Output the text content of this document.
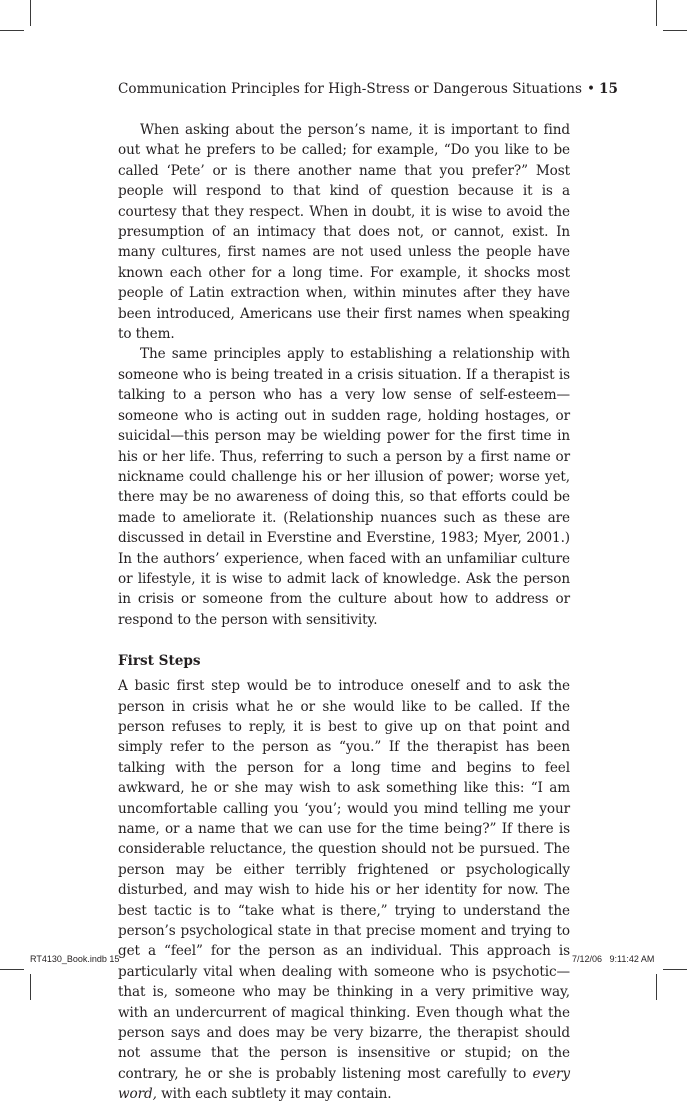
Communication Principles for High-Stress or Dangerous Situations • 15

When asking about the person’s name, it is important to find out what he prefers to be called; for example, “Do you like to be called ‘Pete’ or is there another name that you prefer?” Most people will respond to that kind of question because it is a courtesy that they respect. When in doubt, it is wise to avoid the presumption of an intimacy that does not, or cannot, exist. In many cultures, first names are not used unless the people have known each other for a long time. For example, it shocks most people of Latin extraction when, within minutes after they have been introduced, Americans use their first names when speaking to them.

The same principles apply to establishing a relationship with someone who is being treated in a crisis situation. If a therapist is talking to a person who has a very low sense of self-esteem—someone who is acting out in sudden rage, holding hostages, or suicidal—this person may be wielding power for the first time in his or her life. Thus, referring to such a person by a first name or nickname could challenge his or her illusion of power; worse yet, there may be no awareness of doing this, so that efforts could be made to ameliorate it. (Relationship nuances such as these are discussed in detail in Everstine and Everstine, 1983; Myer, 2001.) In the authors’ experience, when faced with an unfamiliar culture or lifestyle, it is wise to admit lack of knowledge. Ask the person in crisis or someone from the culture about how to address or respond to the person with sensitivity.

First Steps

A basic first step would be to introduce oneself and to ask the person in crisis what he or she would like to be called. If the person refuses to reply, it is best to give up on that point and simply refer to the person as “you.” If the therapist has been talking with the person for a long time and begins to feel awkward, he or she may wish to ask something like this: “I am uncomfortable calling you ‘you’; would you mind telling me your name, or a name that we can use for the time being?” If there is considerable reluctance, the question should not be pursued. The person may be either terribly frightened or psychologically disturbed, and may wish to hide his or her identity for now. The best tactic is to “take what is there,” trying to understand the person’s psychological state in that precise moment and trying to get a “feel” for the person as an individual. This approach is particularly vital when dealing with someone who is psychotic—that is, someone who may be thinking in a very primitive way, with an undercurrent of magical thinking. Even though what the person says and does may be very bizarre, the therapist should not assume that the person is insensitive or stupid; on the contrary, he or she is probably listening most carefully to every word, with each subtlety it may contain.

RT4130_Book.indb 15	7/12/06   9:11:42 AM
